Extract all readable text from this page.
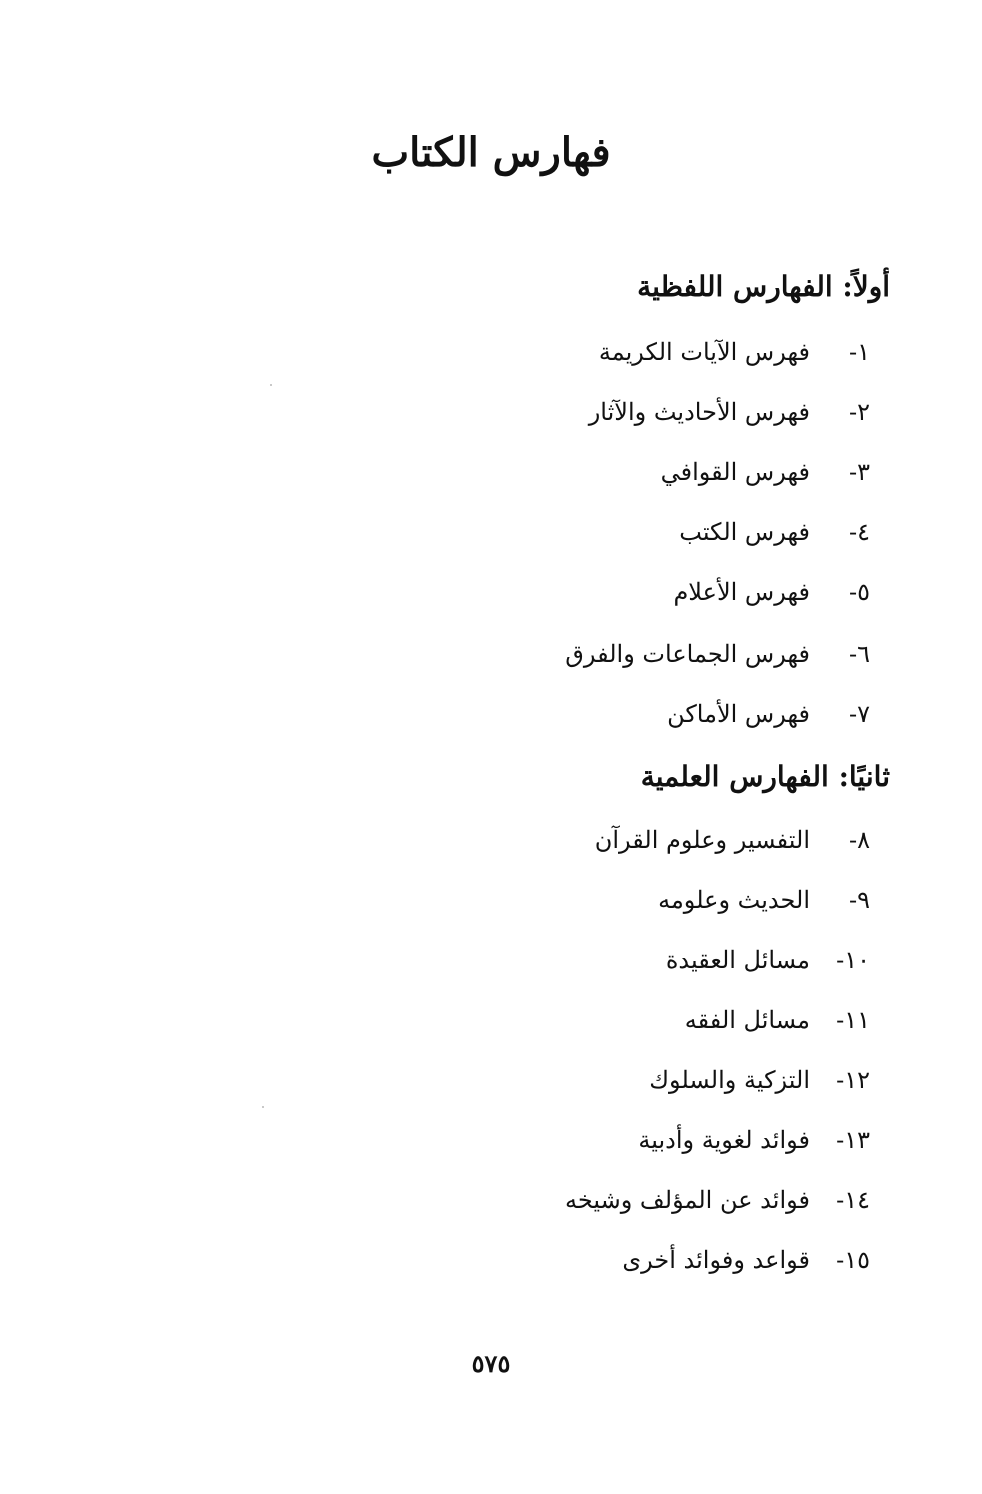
فهارس الكتاب
أولاً: الفهارس اللفظية
١-
فهرس الآيات الكريمة
٢-
فهرس الأحاديث والآثار
٣-
فهرس القوافي
٤-
فهرس الكتب
٥-
فهرس الأعلام
٦-
فهرس الجماعات والفرق
٧-
فهرس الأماكن
ثانيًا: الفهارس العلمية
٨-
التفسير وعلوم القرآن
٩-
الحديث وعلومه
١٠-
مسائل العقيدة
١١-
مسائل الفقه
١٢-
التزكية والسلوك
١٣-
فوائد لغوية وأدبية
١٤-
فوائد عن المؤلف وشيخه
١٥-
قواعد وفوائد أخرى
٥٧٥
